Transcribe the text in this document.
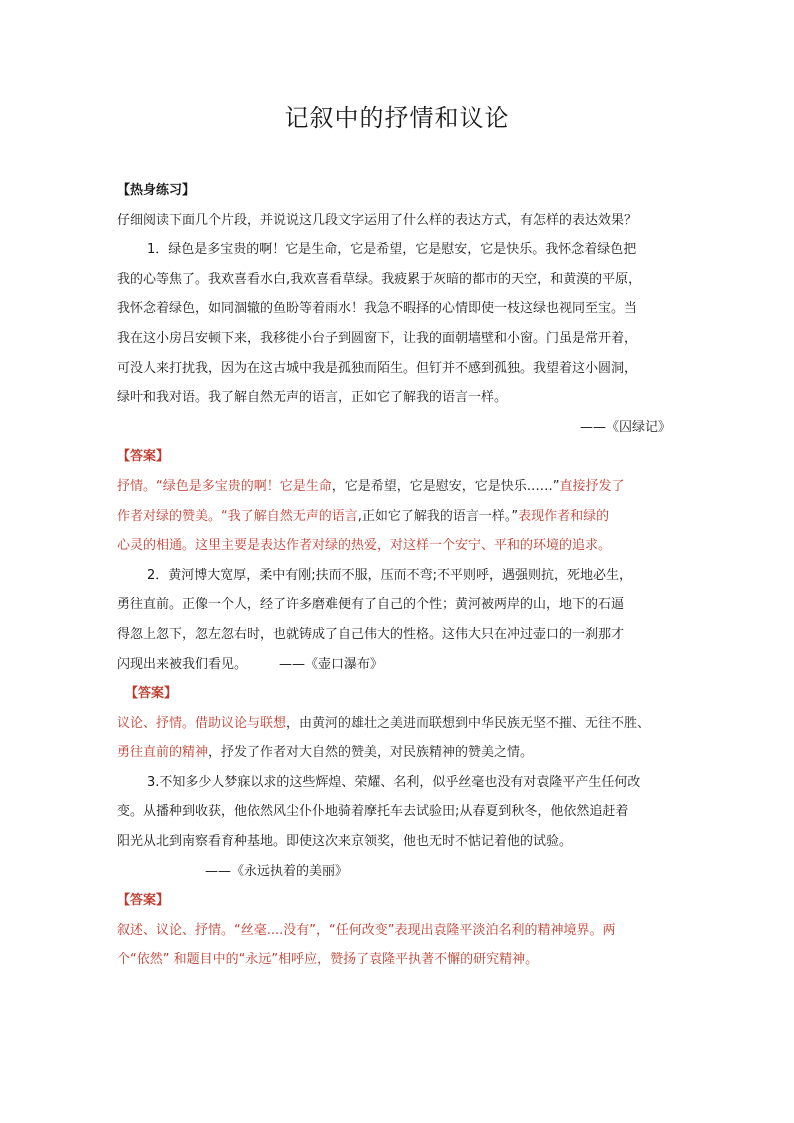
记叙中的抒情和议论
【热身练习】
仔细阅读下面几个片段，并说说这几段文字运用了什么样的表达方式，有怎样的表达效果？
1．绿色是多宝贵的啊！它是生命，它是希望，它是慰安，它是快乐。我怀念着绿色把
我的心等焦了。我欢喜看水白,我欢喜看草绿。我疲累于灰暗的都市的天空，和黄漠的平原，
我怀念着绿色，如同涸辙的鱼盼等着雨水！我急不暇择的心情即使一枝这绿也视同至宝。当
我在这小房吕安顿下来，我移徙小台子到圆窗下，让我的面朝墙壁和小窗。门虽是常开着，
可没人来打扰我，因为在这古城中我是孤独而陌生。但钉并不感到孤独。我望着这小圆洞，
绿叶和我对语。我了解自然无声的语言，正如它了解我的语言一样。
——《囚绿记》
【答案】
抒情。“绿色是多宝贵的啊！它是生命，它是希望，它是慰安，它是快乐……”直接抒发了
作者对绿的赞美。“我了解自然无声的语言,正如它了解我的语言一样。”表现作者和绿的
心灵的相通。这里主要是表达作者对绿的热爱，对这样一个安宁、平和的环境的追求。
2．黄河博大宽厚，柔中有刚;扶而不服，压而不弯;不平则呼，遇强则抗，死地必生，
勇往直前。正像一个人，经了许多磨难便有了自己的个性；黄河被两岸的山，地下的石逼
得忽上忽下，忽左忽右时，也就铸成了自己伟大的性格。这伟大只在冲过壶口的一刹那才
闪现出来被我们看见。 ——《壶口瀑布》
【答案】
议论、抒情。借助议论与联想，由黄河的雄壮之美进而联想到中华民族无坚不摧、无往不胜、
勇往直前的精神，抒发了作者对大自然的赞美，对民族精神的赞美之情。
3.不知多少人梦寐以求的这些辉煌、荣耀、名利，似乎丝毫也没有对袁隆平产生任何改
变。从播种到收获，他依然风尘仆仆地骑着摩托车去试验田;从春夏到秋冬，他依然追赶着
阳光从北到南察看育种基地。即使这次来京领奖，他也无时不惦记着他的试验。
——《永远执着的美丽》
【答案】
叙述、议论、抒情。“丝毫....没有”，“任何改变”表现出袁隆平淡泊名利的精神境界。两
个“依然” 和题目中的“永远”相呼应，赞扬了袁隆平执著不懈的研究精神。
